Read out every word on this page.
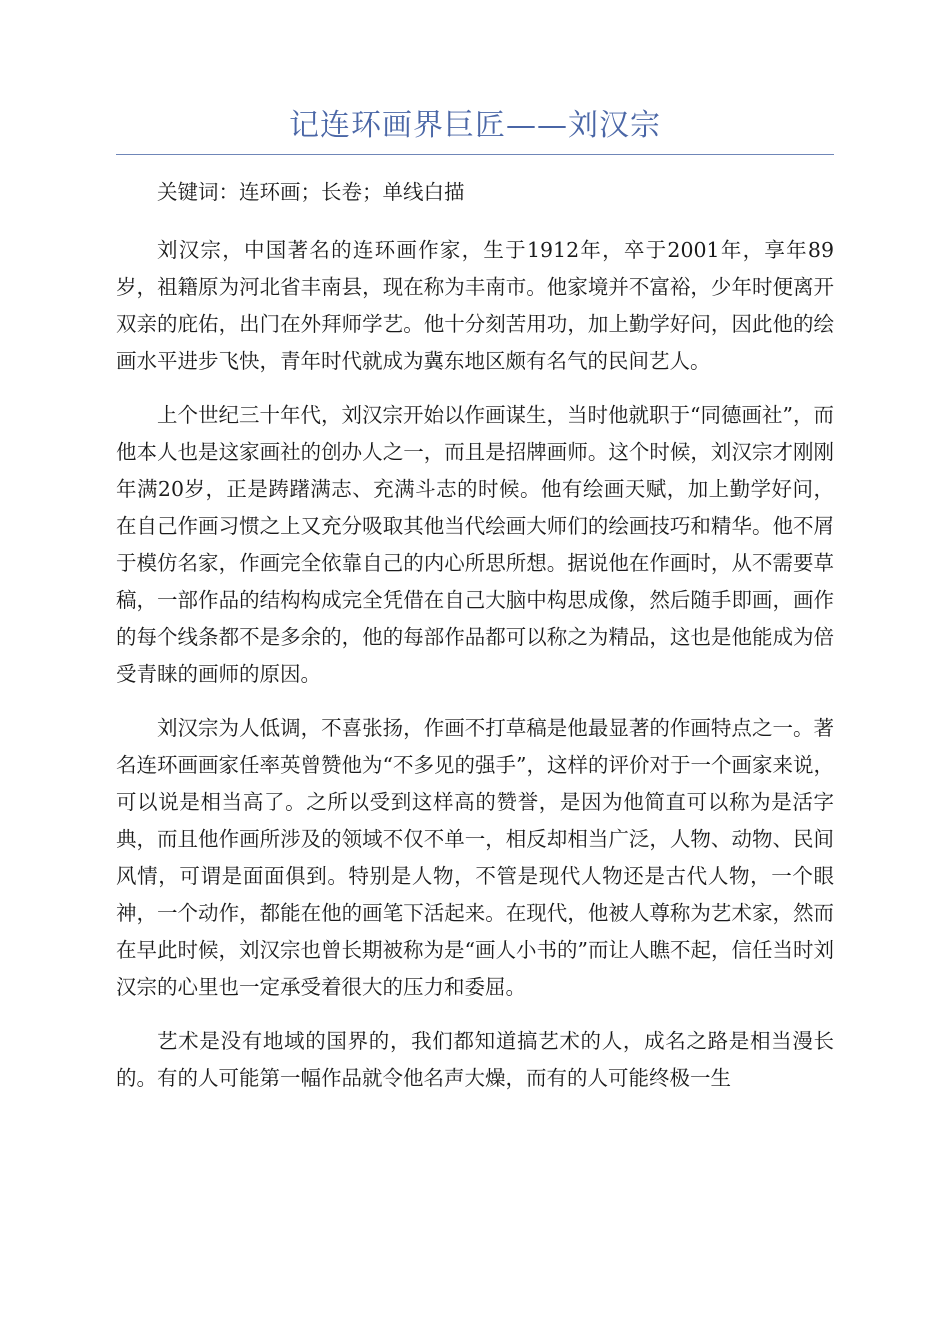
记连环画界巨匠——刘汉宗

关键词：连环画；长卷；单线白描

刘汉宗，中国著名的连环画作家，生于1912年，卒于2001年，享年89岁，祖籍原为河北省丰南县，现在称为丰南市。他家境并不富裕，少年时便离开双亲的庇佑，出门在外拜师学艺。他十分刻苦用功，加上勤学好问，因此他的绘画水平进步飞快，青年时代就成为冀东地区颇有名气的民间艺人。

上个世纪三十年代，刘汉宗开始以作画谋生，当时他就职于“同德画社”，而他本人也是这家画社的创办人之一，而且是招牌画师。这个时候，刘汉宗才刚刚年满20岁，正是踌躇满志、充满斗志的时候。他有绘画天赋，加上勤学好问，在自己作画习惯之上又充分吸取其他当代绘画大师们的绘画技巧和精华。他不屑于模仿名家，作画完全依靠自己的内心所思所想。据说他在作画时，从不需要草稿，一部作品的结构构成完全凭借在自己大脑中构思成像，然后随手即画，画作的每个线条都不是多余的，他的每部作品都可以称之为精品，这也是他能成为倍受青睐的画师的原因。

刘汉宗为人低调，不喜张扬，作画不打草稿是他最显著的作画特点之一。著名连环画画家任率英曾赞他为“不多见的强手”，这样的评价对于一个画家来说，可以说是相当高了。之所以受到这样高的赞誉，是因为他简直可以称为是活字典，而且他作画所涉及的领域不仅不单一，相反却相当广泛，人物、动物、民间风情，可谓是面面俱到。特别是人物，不管是现代人物还是古代人物，一个眼神，一个动作，都能在他的画笔下活起来。在现代，他被人尊称为艺术家，然而在早此时候，刘汉宗也曾长期被称为是“画人小书的”而让人瞧不起，信任当时刘汉宗的心里也一定承受着很大的压力和委屈。

艺术是没有地域的国界的，我们都知道搞艺术的人，成名之路是相当漫长的。有的人可能第一幅作品就令他名声大燥，而有的人可能终极一生
